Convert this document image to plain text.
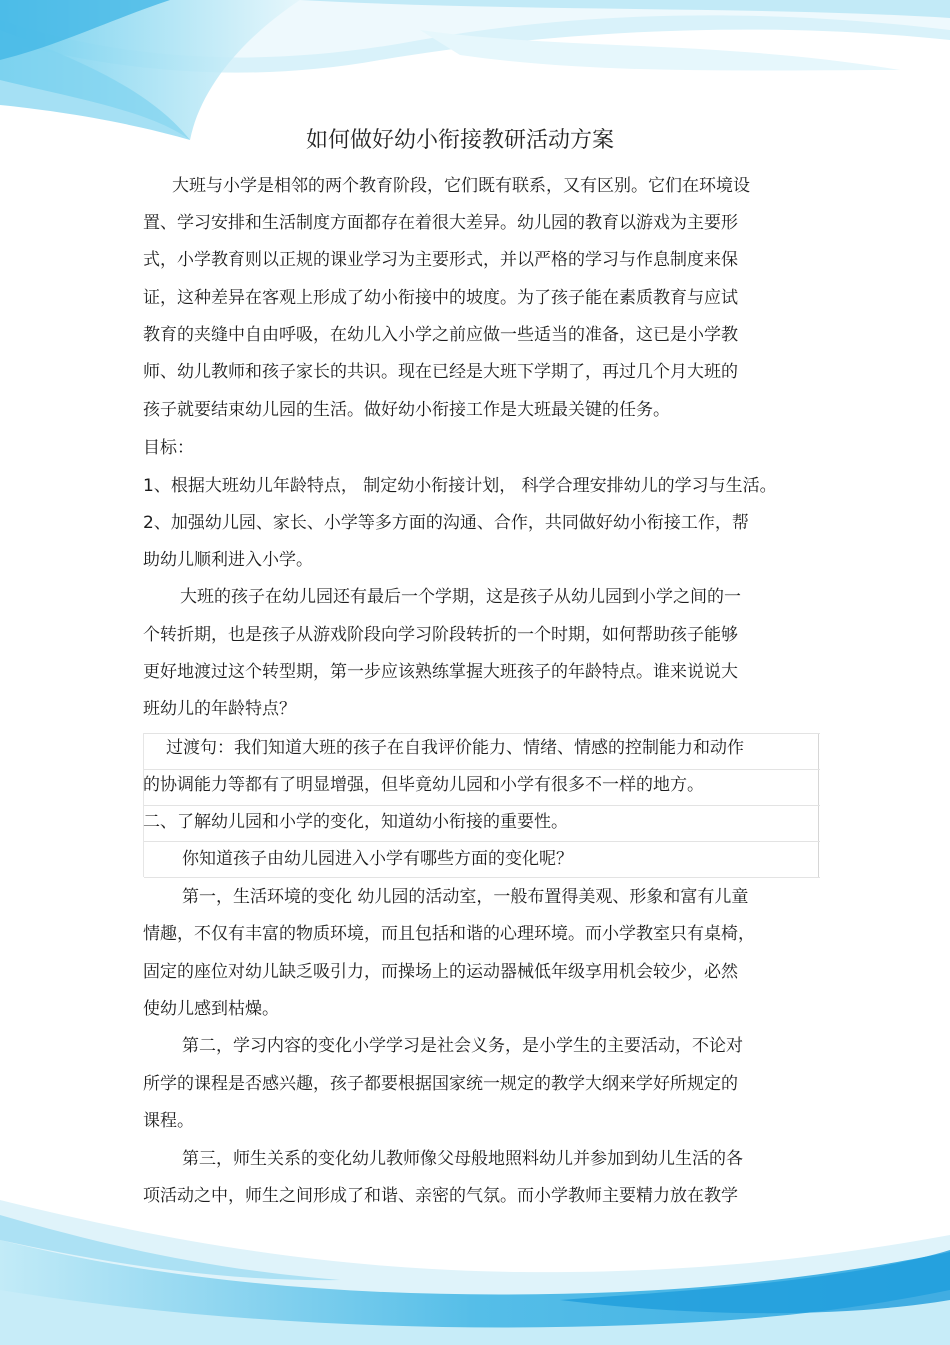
如何做好幼小衔接教研活动方案
大班与小学是相邻的两个教育阶段，它们既有联系，又有区别。它们在环境设
置、学习安排和生活制度方面都存在着很大差异。幼儿园的教育以游戏为主要形
式，小学教育则以正规的课业学习为主要形式，并以严格的学习与作息制度来保
证，这种差异在客观上形成了幼小衔接中的坡度。为了孩子能在素质教育与应试
教育的夹缝中自由呼吸，在幼儿入小学之前应做一些适当的准备，这已是小学教
师、幼儿教师和孩子家长的共识。现在已经是大班下学期了，再过几个月大班的
孩子就要结束幼儿园的生活。做好幼小衔接工作是大班最关键的任务。
目标：
1、根据大班幼儿年龄特点， 制定幼小衔接计划， 科学合理安排幼儿的学习与生活。
2、加强幼儿园、家长、小学等多方面的沟通、合作，共同做好幼小衔接工作，帮
助幼儿顺利进入小学。
大班的孩子在幼儿园还有最后一个学期，这是孩子从幼儿园到小学之间的一
个转折期，也是孩子从游戏阶段向学习阶段转折的一个时期，如何帮助孩子能够
更好地渡过这个转型期，第一步应该熟练掌握大班孩子的年龄特点。谁来说说大
班幼儿的年龄特点？
过渡句：我们知道大班的孩子在自我评价能力、情绪、情感的控制能力和动作
的协调能力等都有了明显增强，但毕竟幼儿园和小学有很多不一样的地方。
二、了解幼儿园和小学的变化，知道幼小衔接的重要性。
你知道孩子由幼儿园进入小学有哪些方面的变化呢？
第一，生活环境的变化 幼儿园的活动室，一般布置得美观、形象和富有儿童
情趣，不仅有丰富的物质环境，而且包括和谐的心理环境。而小学教室只有桌椅，
固定的座位对幼儿缺乏吸引力，而操场上的运动器械低年级享用机会较少，必然
使幼儿感到枯燥。
第二，学习内容的变化小学学习是社会义务，是小学生的主要活动，不论对
所学的课程是否感兴趣，孩子都要根据国家统一规定的教学大纲来学好所规定的
课程。
第三，师生关系的变化幼儿教师像父母般地照料幼儿并参加到幼儿生活的各
项活动之中，师生之间形成了和谐、亲密的气氛。而小学教师主要精力放在教学
